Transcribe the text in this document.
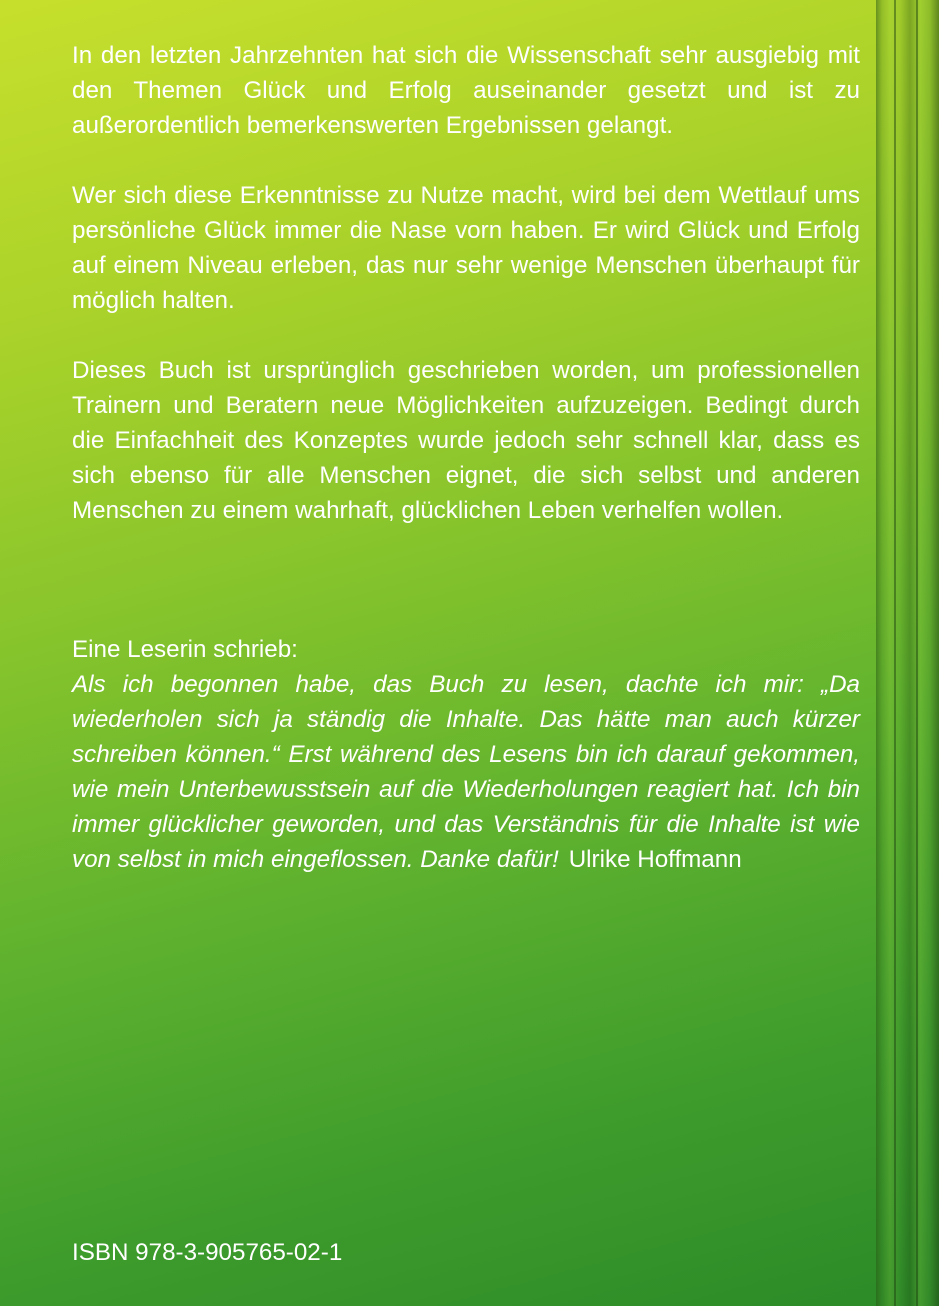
In den letzten Jahrzehnten hat sich die Wissenschaft sehr ausgiebig mit den Themen Glück und Erfolg auseinander gesetzt und ist zu außerordentlich bemerkenswerten Ergebnissen gelangt.

Wer sich diese Erkenntnisse zu Nutze macht, wird bei dem Wettlauf ums persönliche Glück immer die Nase vorn haben. Er wird Glück und Erfolg auf einem Niveau erleben, das nur sehr wenige Menschen überhaupt für möglich halten.

Dieses Buch ist ursprünglich geschrieben worden, um professionellen Trainern und Beratern neue Möglichkeiten aufzuzeigen. Bedingt durch die Einfachheit des Konzeptes wurde jedoch sehr schnell klar, dass es sich ebenso für alle Menschen eignet, die sich selbst und anderen Menschen zu einem wahrhaft, glücklichen Leben verhelfen wollen.

Eine Leserin schrieb:

Als ich begonnen habe, das Buch zu lesen, dachte ich mir: „Da wiederholen sich ja ständig die Inhalte. Das hätte man auch kürzer schreiben können.“ Erst während des Lesens bin ich darauf gekommen, wie mein Unterbewusstsein auf die Wiederholungen reagiert hat. Ich bin immer glücklicher geworden, und das Verständnis für die Inhalte ist wie von selbst in mich eingeflossen. Danke dafür! Ulrike Hoffmann

ISBN 978-3-905765-02-1
